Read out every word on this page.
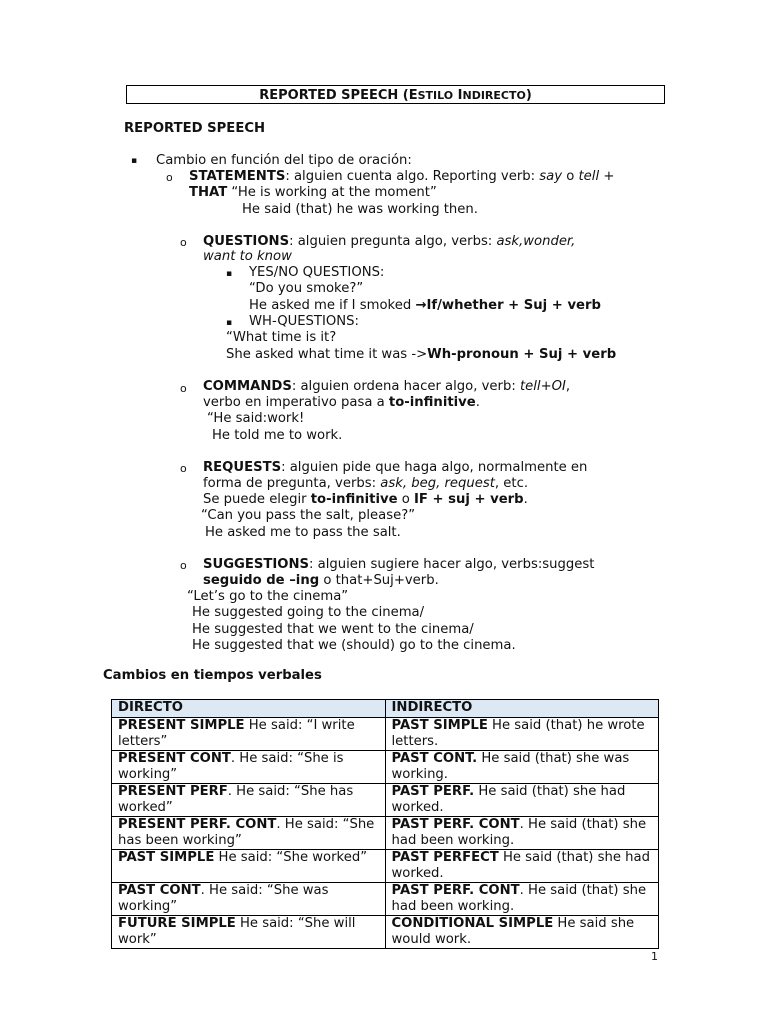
REPORTED SPEECH (ESTILO INDIRECTO)
REPORTED SPEECH
▪ Cambio en función del tipo de oración:
o STATEMENTS: alguien cuenta algo. Reporting verb: say o tell +
THAT “He is working at the moment”
He said (that) he was working then.
o QUESTIONS: alguien pregunta algo, verbs: ask,wonder,
want to know
▪ YES/NO QUESTIONS:
“Do you smoke?”
He asked me if I smoked →If/whether + Suj + verb
▪ WH-QUESTIONS:
“What time is it?
She asked what time it was ->Wh-pronoun + Suj + verb
o COMMANDS: alguien ordena hacer algo, verb: tell+OI,
verbo en imperativo pasa a to-infinitive.
“He said:work!
He told me to work.
o REQUESTS: alguien pide que haga algo, normalmente en
forma de pregunta, verbs: ask, beg, request, etc.
Se puede elegir to-infinitive o IF + suj + verb.
“Can you pass the salt, please?”
He asked me to pass the salt.
o SUGGESTIONS: alguien sugiere hacer algo, verbs:suggest
seguido de –ing o that+Suj+verb.
“Let’s go to the cinema”
He suggested going to the cinema/
He suggested that we went to the cinema/
He suggested that we (should) go to the cinema.
Cambios en tiempos verbales
DIRECTO	INDIRECTO
PRESENT SIMPLE He said: “I write letters”	PAST SIMPLE He said (that) he wrote letters.
PRESENT CONT. He said: “She is working”	PAST CONT. He said (that) she was working.
PRESENT PERF. He said: “She has worked”	PAST PERF. He said (that) she had worked.
PRESENT PERF. CONT. He said: “She has been working”	PAST PERF. CONT. He said (that) she had been working.
PAST SIMPLE He said: “She worked”	PAST PERFECT He said (that) she had worked.
PAST CONT. He said: “She was working”	PAST PERF. CONT. He said (that) she had been working.
FUTURE SIMPLE He said: “She will work”	CONDITIONAL SIMPLE He said she would work.
1
